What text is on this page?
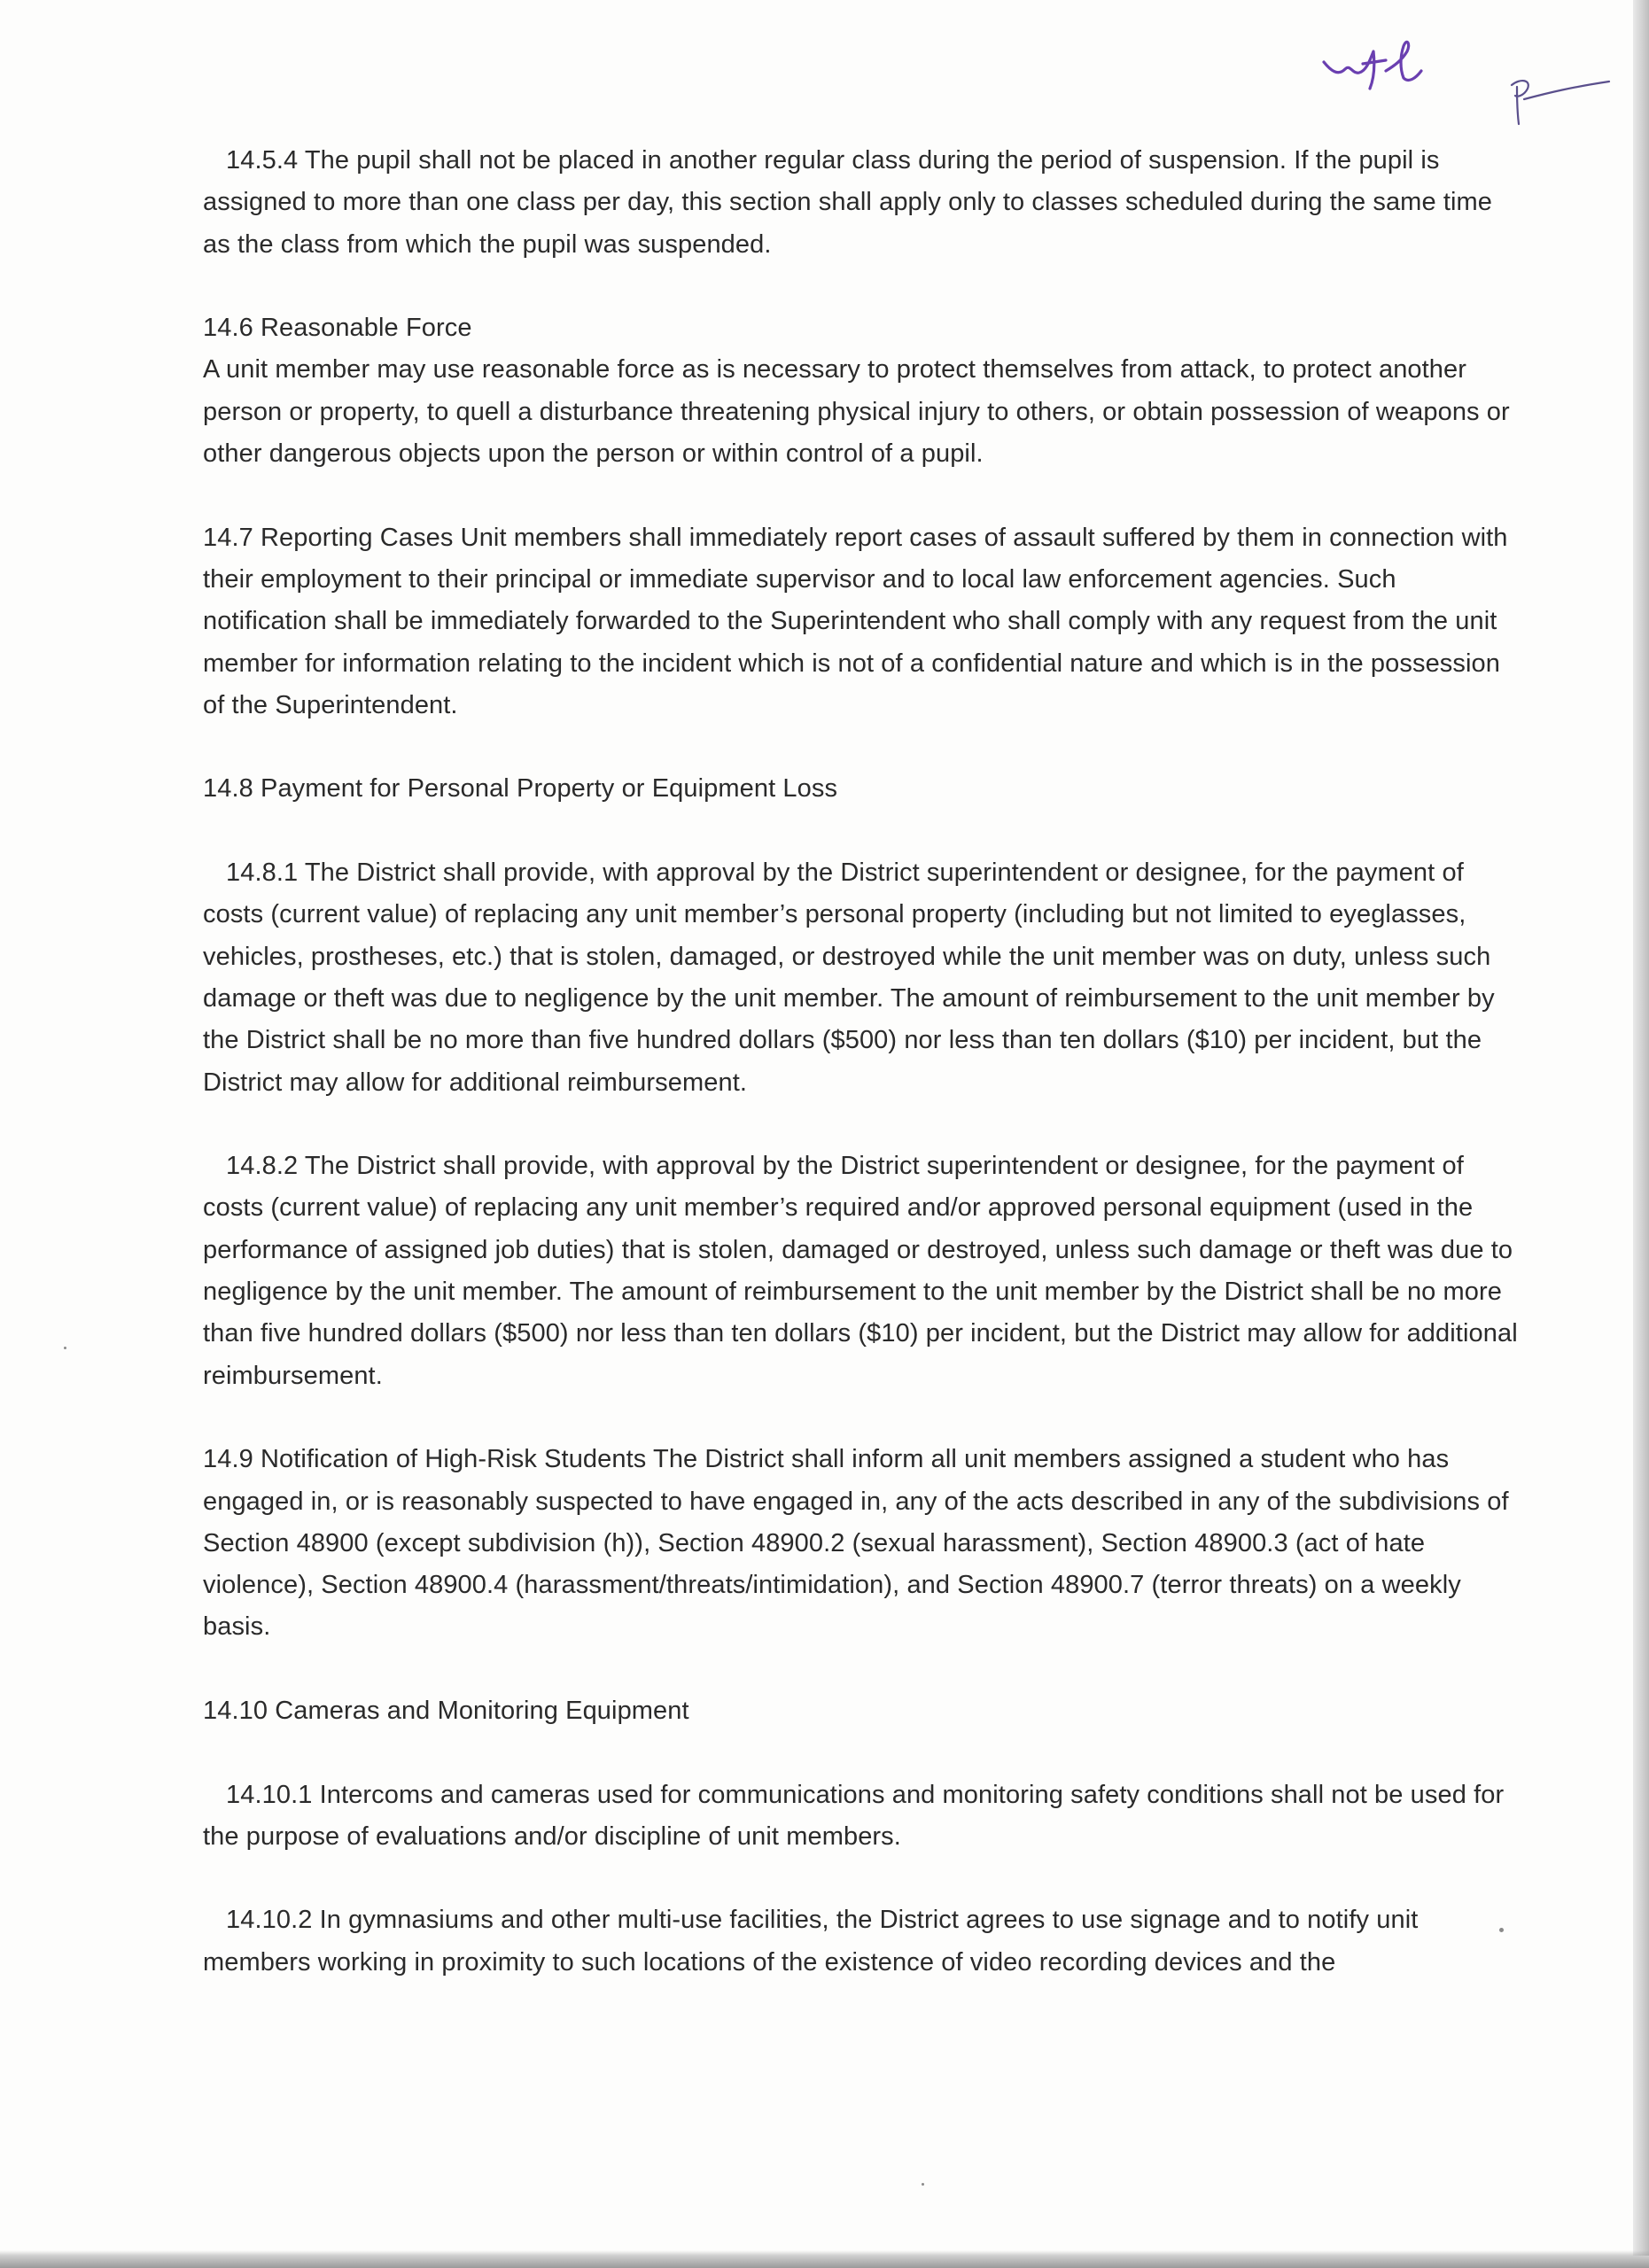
14.5.4 The pupil shall not be placed in another regular class during the period of suspension. If the pupil is assigned to more than one class per day, this section shall apply only to classes scheduled during the same time as the class from which the pupil was suspended.

14.6 Reasonable Force

A unit member may use reasonable force as is necessary to protect themselves from attack, to protect another person or property, to quell a disturbance threatening physical injury to others, or obtain possession of weapons or other dangerous objects upon the person or within control of a pupil.

14.7 Reporting Cases Unit members shall immediately report cases of assault suffered by them in connection with their employment to their principal or immediate supervisor and to local law enforcement agencies. Such notification shall be immediately forwarded to the Superintendent who shall comply with any request from the unit member for information relating to the incident which is not of a confidential nature and which is in the possession of the Superintendent.

14.8 Payment for Personal Property or Equipment Loss

14.8.1 The District shall provide, with approval by the District superintendent or designee, for the payment of costs (current value) of replacing any unit member’s personal property (including but not limited to eyeglasses, vehicles, prostheses, etc.) that is stolen, damaged, or destroyed while the unit member was on duty, unless such damage or theft was due to negligence by the unit member. The amount of reimbursement to the unit member by the District shall be no more than five hundred dollars ($500) nor less than ten dollars ($10) per incident, but the District may allow for additional reimbursement.

14.8.2 The District shall provide, with approval by the District superintendent or designee, for the payment of costs (current value) of replacing any unit member’s required and/or approved personal equipment (used in the performance of assigned job duties) that is stolen, damaged or destroyed, unless such damage or theft was due to negligence by the unit member. The amount of reimbursement to the unit member by the District shall be no more than five hundred dollars ($500) nor less than ten dollars ($10) per incident, but the District may allow for additional reimbursement.

14.9 Notification of High-Risk Students The District shall inform all unit members assigned a student who has engaged in, or is reasonably suspected to have engaged in, any of the acts described in any of the subdivisions of Section 48900 (except subdivision (h)), Section 48900.2 (sexual harassment), Section 48900.3 (act of hate violence), Section 48900.4 (harassment/threats/intimidation), and Section 48900.7 (terror threats) on a weekly basis.

14.10 Cameras and Monitoring Equipment

14.10.1 Intercoms and cameras used for communications and monitoring safety conditions shall not be used for the purpose of evaluations and/or discipline of unit members.

14.10.2 In gymnasiums and other multi-use facilities, the District agrees to use signage and to notify unit members working in proximity to such locations of the existence of video recording devices and the
